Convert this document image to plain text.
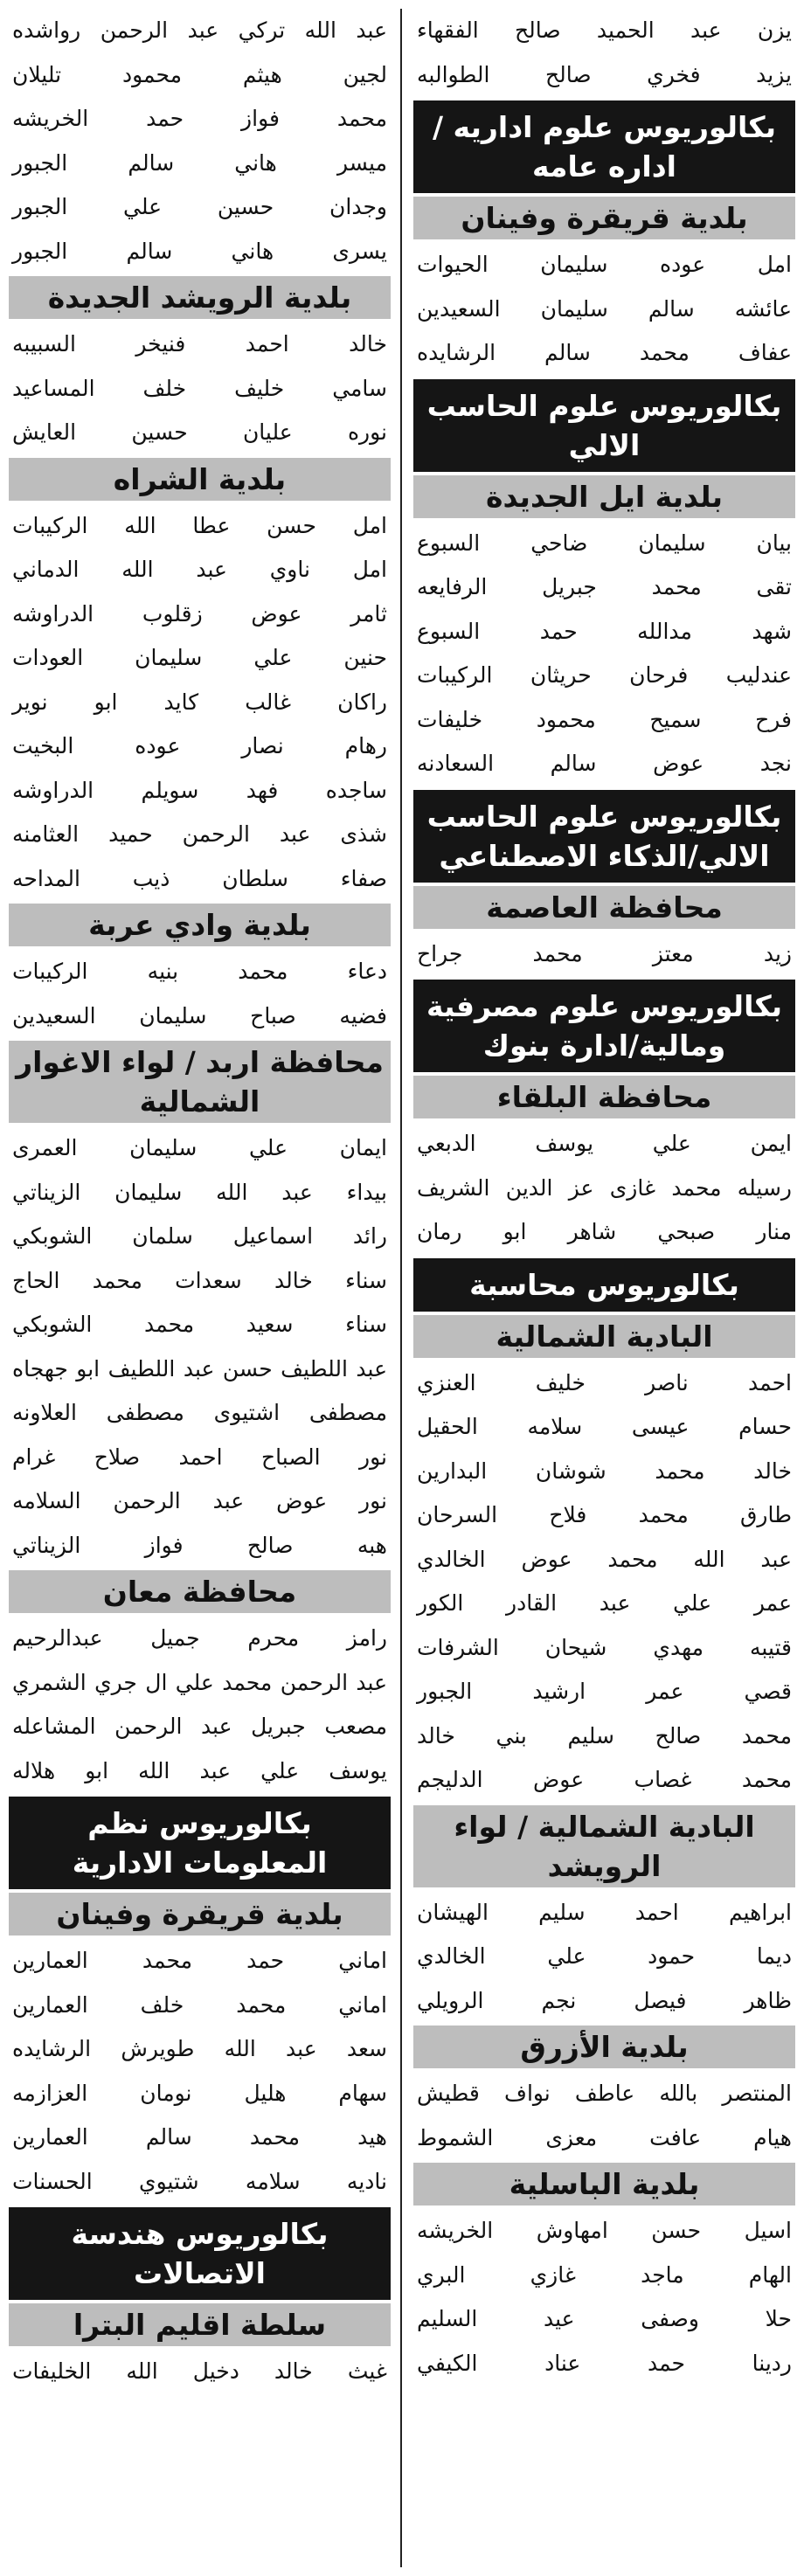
يزن عبد الحميد صالح الفقهاء
يزيد فخري صالح الطوالبه
بكالوريوس علوم اداريه / اداره عامه
بلدية قريقرة وفينان
امل عوده سليمان الحيوات
عائشه سالم سليمان السعيدين
عفاف محمد سالم الرشايده
بكالوريوس علوم الحاسب الالي
بلدية ايل الجديدة
بيان سليمان ضاحي السبوع
تقى محمد جبريل الرفايعه
شهد مدالله حمد السبوع
عندليب فرحان حريثان الركيبات
فرح سميح محمود خليفات
نجد عوض سالم السعادنه
بكالوريوس علوم الحاسب الالي/الذكاء الاصطناعي
محافظة العاصمة
زيد معتز محمد جراح
بكالوريوس علوم مصرفية ومالية/ادارة بنوك
محافظة البلقاء
ايمن علي يوسف الدبعي
رسيله محمد غازى عز الدين الشريف
منار صبحي شاهر ابو رمان
بكالوريوس محاسبة
البادية الشمالية
احمد ناصر خليف العنزي
حسام عيسى سلامه الحقيل
خالد محمد شوشان البدارين
طارق محمد فلاح السرحان
عبد الله محمد عوض الخالدي
عمر علي عبد القادر الكور
قتيبه مهدي شيحان الشرفات
قصي عمر ارشيد الجبور
محمد صالح سليم بني خالد
محمد غصاب عوض الدليجم
البادية الشمالية / لواء الرويشد
ابراهيم احمد سليم الهيشان
ديما حمود علي الخالدي
ظاهر فيصل نجم الرويلي
بلدية الأزرق
المنتصر بالله عاطف نواف قطيش
هيام عافت معزى الشموط
بلدية الباسلية
اسيل حسن امهاوش الخريشه
الهام ماجد غازي البري
حلا وصفى عيد السليم
ردينا حمد عناد الكيفي
عبد الله تركي عبد الرحمن رواشده
لجين هيثم محمود تليلان
محمد فواز حمد الخريشه
ميسر هاني سالم الجبور
وجدان حسين علي الجبور
يسرى هاني سالم الجبور
بلدية الرويشد الجديدة
خالد احمد فنيخر السبيبه
سامي خليف خلف المساعيد
نوره عليان حسين العايش
بلدية الشراه
امل حسن عطا الله الركيبات
امل ناوي عبد الله الدماني
ثامر عوض زقلوب الدراوشه
حنين علي سليمان العودات
راكان غالب كايد ابو نوير
رهام نصار عوده البخيت
ساجده فهد سويلم الدراوشه
شذى عبد الرحمن حميد العثامنه
صفاء سلطان ذيب المداحه
بلدية وادي عربة
دعاء محمد بنيه الركيبات
فضيه صباح سليمان السعيدين
محافظة اربد / لواء الاغوار الشمالية
ايمان علي سليمان العمرى
بيداء عبد الله سليمان الزيناتي
رائد اسماعيل سلمان الشوبكي
سناء خالد سعدات محمد الحاج
سناء سعيد محمد الشوبكي
عبد اللطيف حسن عبد اللطيف ابو جهجاه
مصطفى اشتيوى مصطفى العلاونه
نور الصباح احمد صلاح غرام
نور عوض عبد الرحمن السلامه
هبه صالح فواز الزيناتي
محافظة معان
رامز محرم جميل عبدالرحيم
عبد الرحمن محمد علي ال جري الشمري
مصعب جبريل عبد الرحمن المشاعله
يوسف علي عبد الله ابو هلاله
بكالوريوس نظم المعلومات الادارية
بلدية قريقرة وفينان
اماني حمد محمد العمارين
اماني محمد خلف العمارين
سعد عبد الله طويرش الرشايده
سهام هليل نومان العزازمه
هيد محمد سالم العمارين
ناديه سلامه شتيوي الحسنات
بكالوريوس هندسة الاتصالات
سلطة اقليم البترا
غيث خالد دخيل الله الخليفات
